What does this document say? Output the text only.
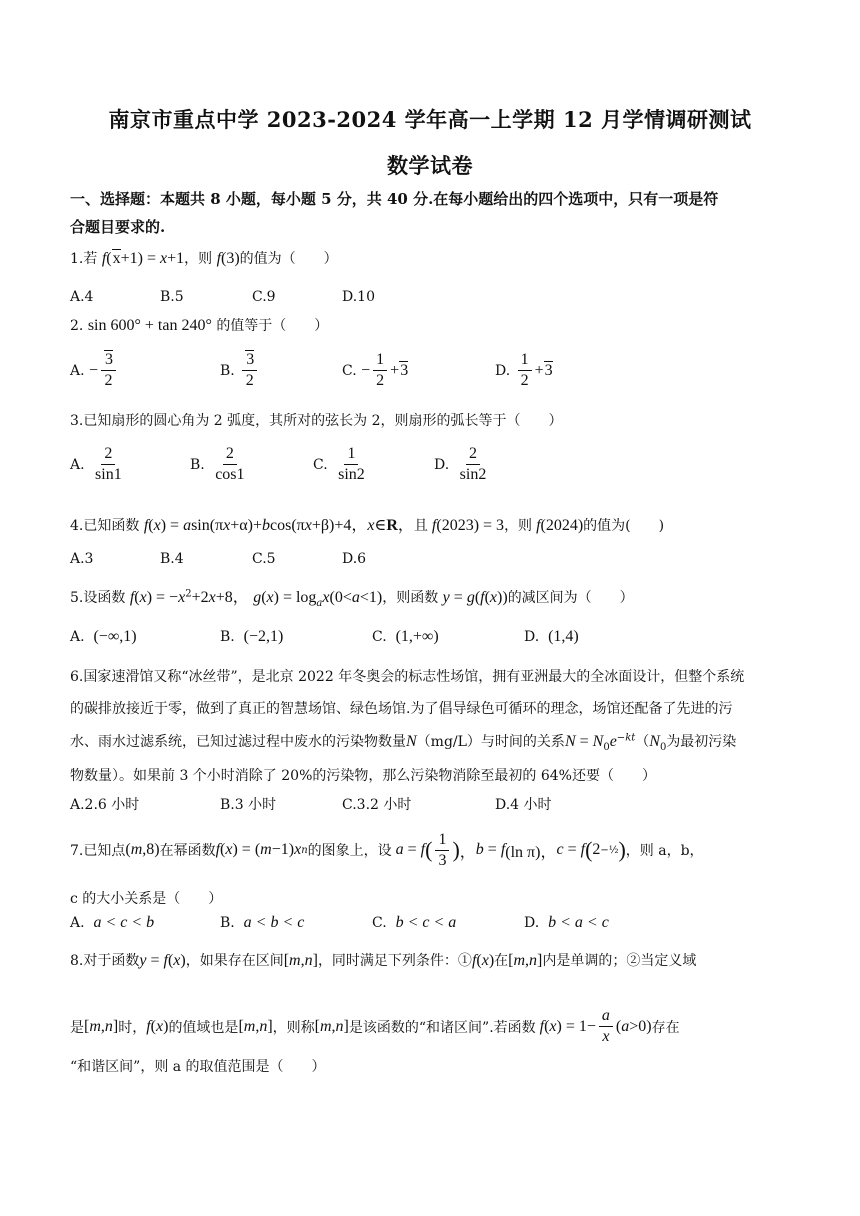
南京市重点中学 2023-2024 学年高一上学期 12 月学情调研测试
数学试卷
一、选择题：本题共 8 小题，每小题 5 分，共 40 分.在每小题给出的四个选项中，只有一项是符
合题目要求的.
1.若 f(x+1) = x+1，则 f(3)的值为（　　）
A.4	B.5	C.9	D.10
2. sin 600° + tan 240° 的值等于（　　）
A.
− $\frac{3}{2}$	B.
$\frac{3}{2}$	C.
− $\frac{1}{2} + 3$	D.
$\frac{1}{2} + 3$
3.已知扇形的圆心角为 2 弧度，其所对的弦长为 2，则扇形的弧长等于（　　）
A.
$\frac{2}{\sin 1}$	B.
$\frac{2}{\cos 1}$	C.
$\frac{1}{\sin 2}$	D.
$\frac{2}{\sin 2}$
4.已知函数 f(x) = asin(πx+α)+bcos(πx+β)+4，x∈R，且 f(2023) = 3，则 f(2024)的值为(　　)
A.3	B.4	C.5	D.6
5.设函数 $f(x) = -x^2+2x+8$， $g(x) = \log_ax(0<a<1)$，则函数 y = g(f(x))的减区间为（　　）
A.
(−∞,1)	B.
(−2,1)	C.
(1,+∞)	D.
(1,4)
6.国家速滑馆又称“冰丝带”，是北京 2022 年冬奥会的标志性场馆，拥有亚洲最大的全冰面设计，但整个系统
的碳排放接近于零，做到了真正的智慧场馆、绿色场馆.为了倡导绿色可循环的理念，场馆还配备了先进的污
水、雨水过滤系统，已知过滤过程中废水的污染物数量N（mg/L）与时间的关系$N = N_0e^{-kt}(N_0$为最初污染
物数量）。如果前 3 个小时消除了 20%的污染物，那么污染物消除至最初的 64%还要（　　）
A.2.6 小时	B.3 小时	C.3.2 小时	D.4 小时
7.已知点 ( m ,8) 在幂函数 f ( x ) = ( m −1) x n 的图象上，设 a = f ( $\frac{1}{3}$ ) ， b = f (ln π)， c = f ( 2 −½ ) ，则 a，b，
c 的大小关系是（　　）
A.
a < c < b	B.
a < b < c	C.
b < c < a	D.
b < a < c
8.对于函数y = f(x)，如果存在区间[m,n]，同时满足下列条件：①f(x)在[m,n]内是单调的；②当定义域
是 [ m , n ] 时， f ( x ) 的值域也是 [ m , n ] ，则称 [ m , n ] 是该函数的“和诸区间”.若函数 f ( x ) = $1- \frac{a}{x}$ ( a >0) 存在
“和谐区间”，则 a 的取值范围是（　　）
